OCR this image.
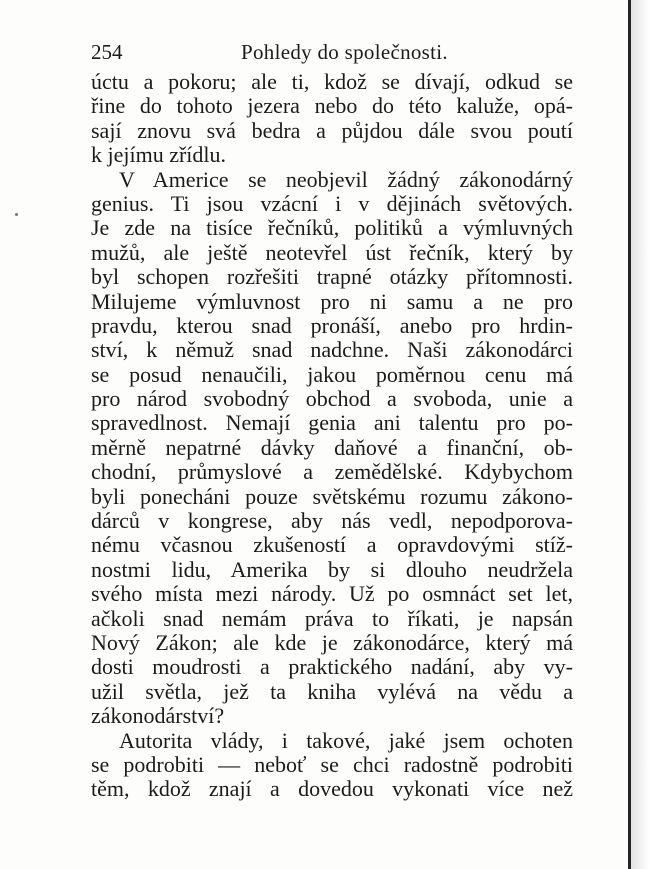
254	Pohledy do společnosti.
úctu a pokoru; ale ti, kdož se dívají, odkud se
řine do tohoto jezera nebo do této kaluže, opá-
sají znovu svá bedra a půjdou dále svou poutí
k jejímu zřídlu.
V Americe se neobjevil žádný zákonodárný
genius. Ti jsou vzácní i v dějinách světových.
Je zde na tisíce řečníků, politiků a výmluvných
mužů, ale ještě neotevřel úst řečník, který by
byl schopen rozřešiti trapné otázky přítomnosti.
Milujeme výmluvnost pro ni samu a ne pro
pravdu, kterou snad pronáší, anebo pro hrdin-
ství, k němuž snad nadchne. Naši zákonodárci
se posud nenaučili, jakou poměrnou cenu má
pro národ svobodný obchod a svoboda, unie a
spravedlnost. Nemají genia ani talentu pro po-
měrně nepatrné dávky daňové a finanční, ob-
chodní, průmyslové a zemědělské. Kdybychom
byli ponecháni pouze světskému rozumu zákono-
dárců v kongrese, aby nás vedl, nepodporova-
nému včasnou zkušeností a opravdovými stíž-
nostmi lidu, Amerika by si dlouho neudržela
svého místa mezi národy. Už po osmnáct set let,
ačkoli snad nemám práva to říkati, je napsán
Nový Zákon; ale kde je zákonodárce, který má
dosti moudrosti a praktického nadání, aby vy-
užil světla, jež ta kniha vylévá na vědu a
zákonodárství?
Autorita vlády, i takové, jaké jsem ochoten
se podrobiti — neboť se chci radostně podrobiti
těm, kdož znají a dovedou vykonati více než
